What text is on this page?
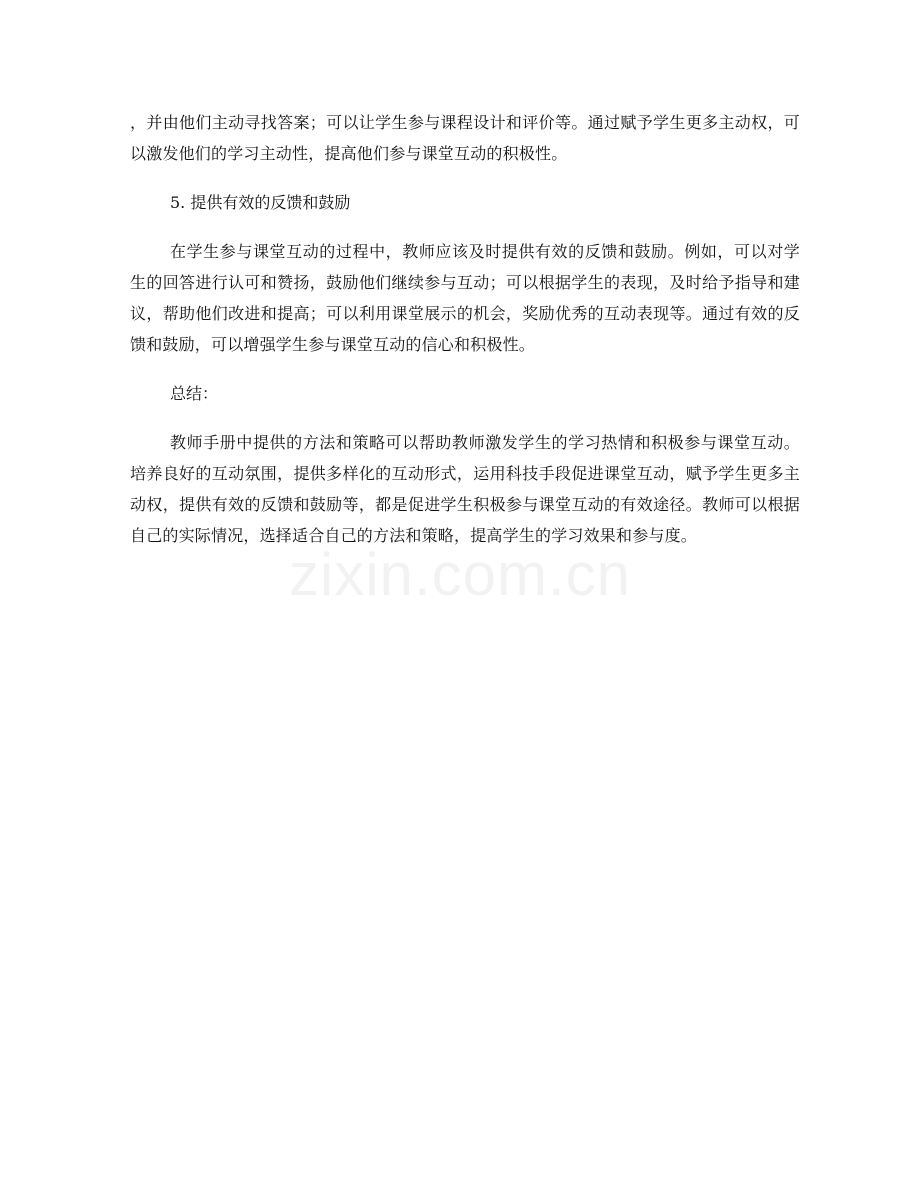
，并由他们主动寻找答案；可以让学生参与课程设计和评价等。通过赋予学生更多主动权，可以激发他们的学习主动性，提高他们参与课堂互动的积极性。

5. 提供有效的反馈和鼓励

在学生参与课堂互动的过程中，教师应该及时提供有效的反馈和鼓励。例如，可以对学生的回答进行认可和赞扬，鼓励他们继续参与互动；可以根据学生的表现，及时给予指导和建议，帮助他们改进和提高；可以利用课堂展示的机会，奖励优秀的互动表现等。通过有效的反馈和鼓励，可以增强学生参与课堂互动的信心和积极性。

总结：

教师手册中提供的方法和策略可以帮助教师激发学生的学习热情和积极参与课堂互动。培养良好的互动氛围，提供多样化的互动形式，运用科技手段促进课堂互动，赋予学生更多主动权，提供有效的反馈和鼓励等，都是促进学生积极参与课堂互动的有效途径。教师可以根据自己的实际情况，选择适合自己的方法和策略，提高学生的学习效果和参与度。

zixin.com.cn
